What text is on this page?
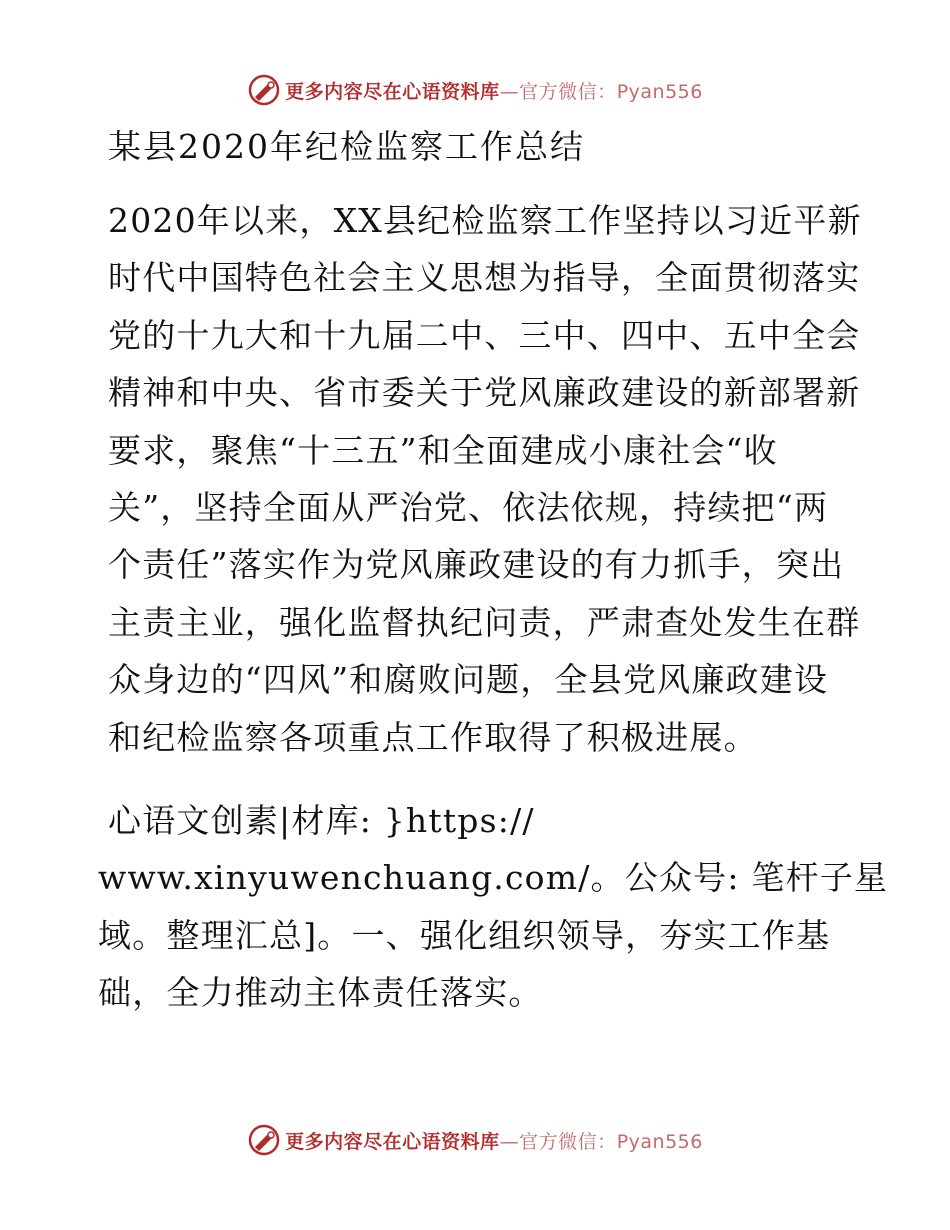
更多内容尽在心语资料库—官方微信：Pyan556
某县2020年纪检监察工作总结

2020年以来，XX县纪检监察工作坚持以习近平新
时代中国特色社会主义思想为指导，全面贯彻落实
党的十九大和十九届二中、三中、四中、五中全会
精神和中央、省市委关于党风廉政建设的新部署新
要求，聚焦“十三五”和全面建成小康社会“收
关”，坚持全面从严治党、依法依规，持续把“两
个责任”落实作为党风廉政建设的有力抓手，突出
主责主业，强化监督执纪问责，严肃查处发生在群
众身边的“四风”和腐败问题，全县党风廉政建设
和纪检监察各项重点工作取得了积极进展。

心语文创素|材库: }https://
www.xinyuwenchuang.com/。公众号: 笔杆子星
域。整理汇总]。一、强化组织领导，夯实工作基
础，全力推动主体责任落实。

更多内容尽在心语资料库—官方微信：Pyan556
